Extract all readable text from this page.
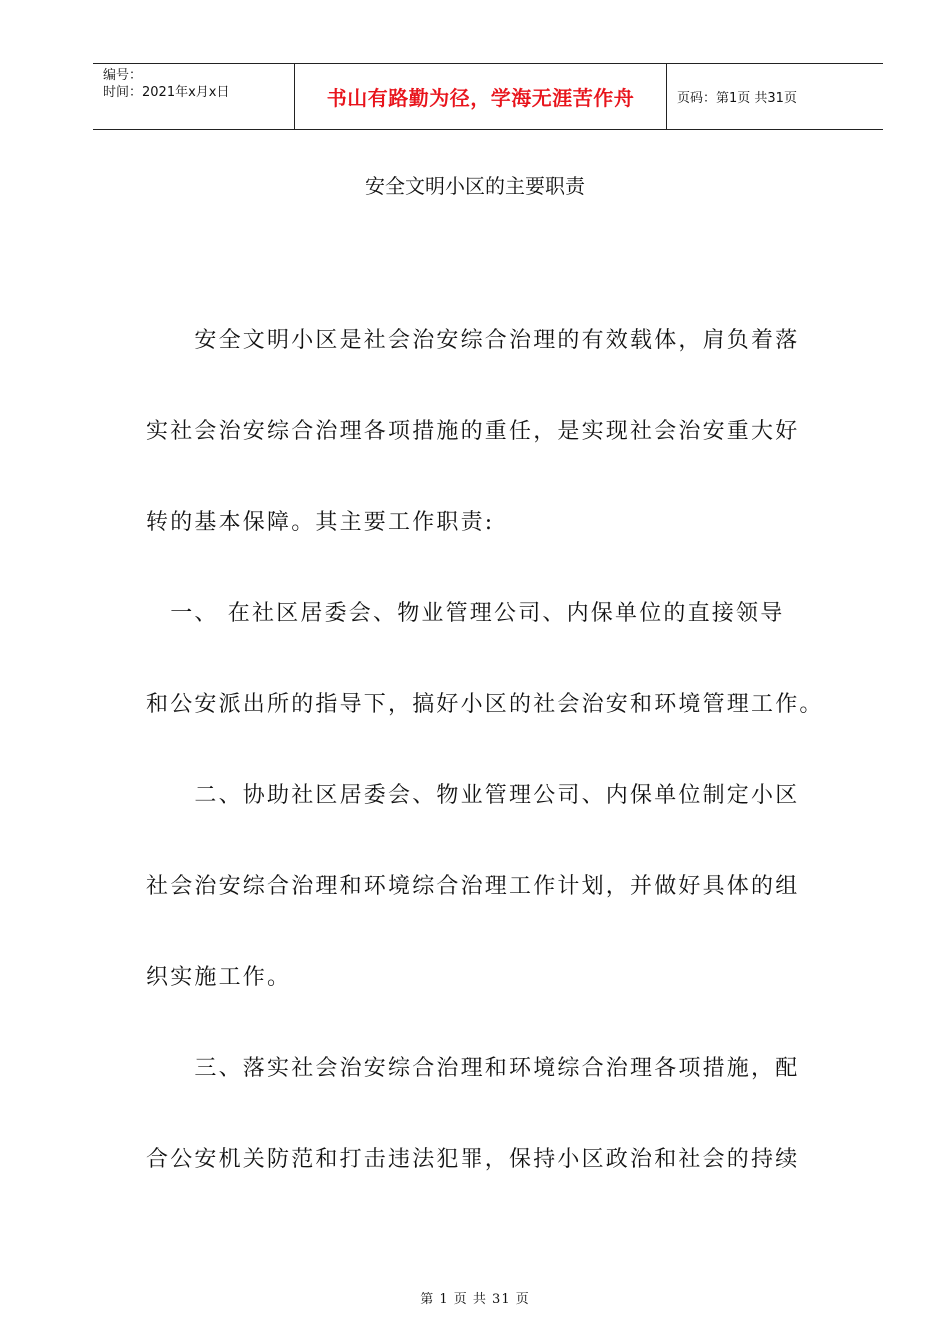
编号：
时间：2021年x月x日	书山有路勤为径，学海无涯苦作舟	页码：第1页 共31页
安全文明小区的主要职责
　　安全文明小区是社会治安综合治理的有效载体，肩负着落
实社会治安综合治理各项措施的重任，是实现社会治安重大好
转的基本保障。其主要工作职责:
　一、 在社区居委会、物业管理公司、内保单位的直接领导
和公安派出所的指导下，搞好小区的社会治安和环境管理工作。
　　二、协助社区居委会、物业管理公司、内保单位制定小区
社会治安综合治理和环境综合治理工作计划，并做好具体的组
织实施工作。
　　三、落实社会治安综合治理和环境综合治理各项措施，配
合公安机关防范和打击违法犯罪，保持小区政治和社会的持续
第 1 页 共 31 页
